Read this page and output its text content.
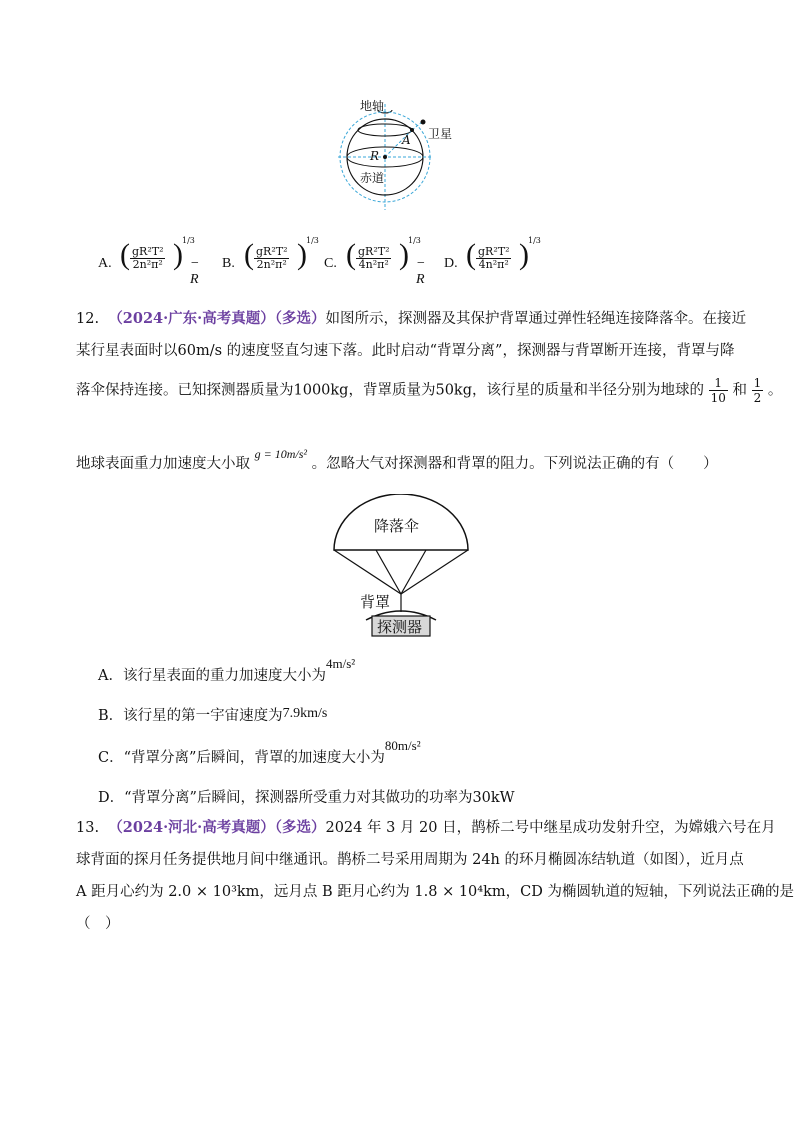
地轴
卫星
A
R
赤道
A. ( $\frac{\text{gR²T²}}{\text{2n²π²}}$ ) 1/3
− R
B. ( $\frac{\text{gR²T²}}{\text{2n²π²}}$ ) 1/3
C. ( $\frac{\text{gR²T²}}{\text{4n²π²}}$ ) 1/3
− R
D. ( $\frac{\text{gR²T²}}{\text{4n²π²}}$ ) 1/3
12. （2024·广东·高考真题）（多选）如图所示，探测器及其保护背罩通过弹性轻绳连接降落伞。在接近
某行星表面时以60m/s 的速度竖直匀速下落。此时启动“背罩分离”，探测器与背罩断开连接，背罩与降
落伞保持连接。已知探测器质量为1000kg，背罩质量为50kg，该行星的质量和半径分别为地球的 $\frac{1}{10}$ 和 $\frac{1}{2}$ 。
地球表面重力加速度大小取 $^{g = 10m/s^2}$ 。忽略大气对探测器和背罩的阻力。下列说法正确的有（　　）
降落伞
背罩
探测器
A．该行星表面的重力加速度大小为4m/s²
B．该行星的第一宇宙速度为7.9km/s
C．“背罩分离”后瞬间，背罩的加速度大小为80m/s²
D．“背罩分离”后瞬间，探测器所受重力对其做功的功率为30kW
13. （2024·河北·高考真题）（多选）2024 年 3 月 20 日，鹊桥二号中继星成功发射升空，为嫦娥六号在月
球背面的探月任务提供地月间中继通讯。鹊桥二号采用周期为 24h 的环月椭圆冻结轨道（如图），近月点
A 距月心约为 2.0 × 10³km，远月点 B 距月心约为 1.8 × 10⁴km，CD 为椭圆轨道的短轴，下列说法正确的是
（　）
